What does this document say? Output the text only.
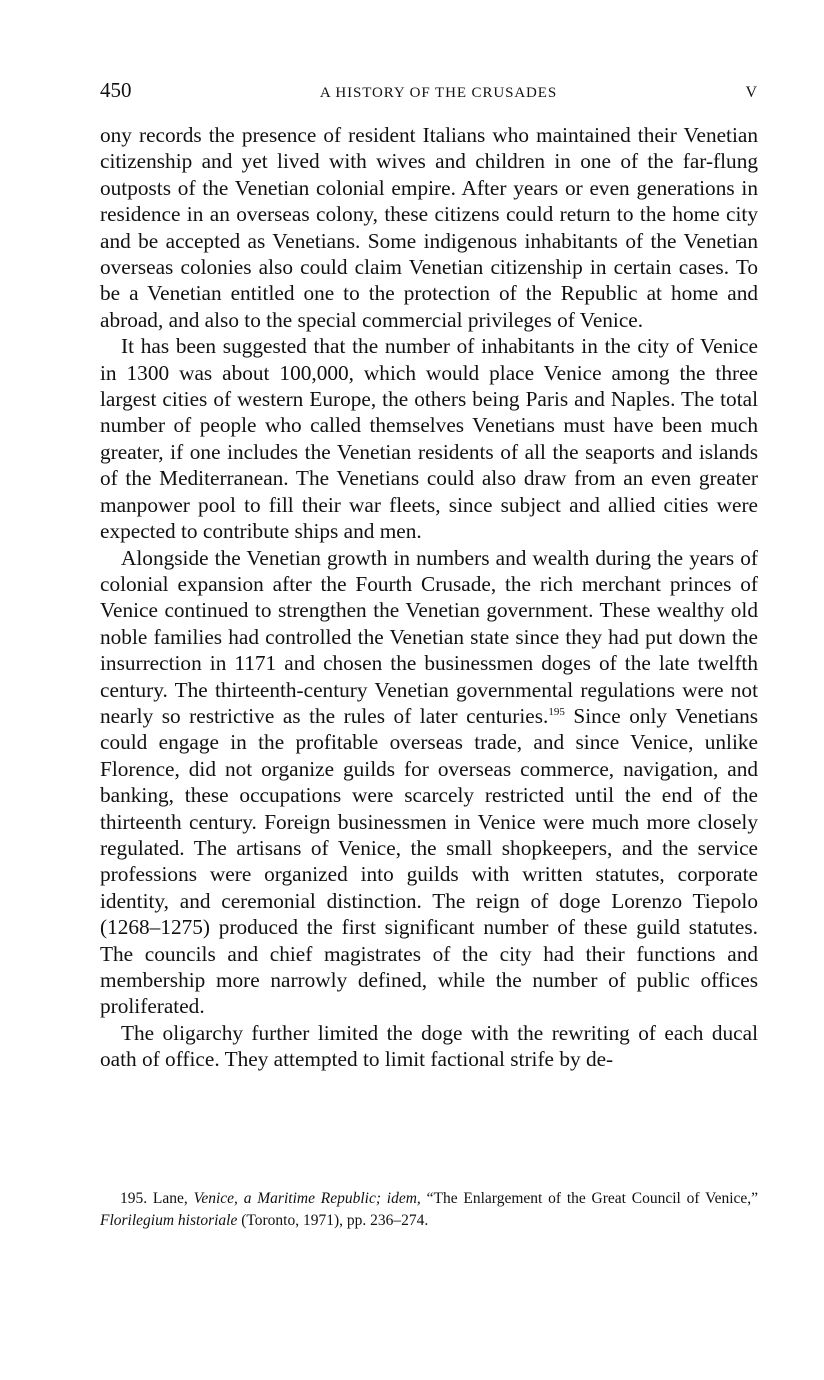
450	A HISTORY OF THE CRUSADES	V

ony records the presence of resident Italians who maintained their Venetian citizenship and yet lived with wives and children in one of the far-flung outposts of the Venetian colonial empire. After years or even generations in residence in an overseas colony, these citizens could return to the home city and be accepted as Venetians. Some indigenous inhabitants of the Venetian overseas colonies also could claim Venetian citizenship in certain cases. To be a Venetian entitled one to the protection of the Republic at home and abroad, and also to the special commercial privileges of Venice.

It has been suggested that the number of inhabitants in the city of Venice in 1300 was about 100,000, which would place Venice among the three largest cities of western Europe, the others being Paris and Naples. The total number of people who called themselves Venetians must have been much greater, if one includes the Venetian residents of all the seaports and islands of the Mediterranean. The Venetians could also draw from an even greater manpower pool to fill their war fleets, since subject and allied cities were expected to contribute ships and men.

Alongside the Venetian growth in numbers and wealth during the years of colonial expansion after the Fourth Crusade, the rich merchant princes of Venice continued to strengthen the Venetian government. These wealthy old noble families had controlled the Venetian state since they had put down the insurrection in 1171 and chosen the businessmen doges of the late twelfth century. The thirteenth-century Venetian governmental regulations were not nearly so restrictive as the rules of later centuries.$^{195}$ Since only Venetians could engage in the profitable overseas trade, and since Venice, unlike Florence, did not organize guilds for overseas commerce, navigation, and banking, these occupations were scarcely restricted until the end of the thirteenth century. Foreign businessmen in Venice were much more closely regulated. The artisans of Venice, the small shopkeepers, and the service professions were organized into guilds with written statutes, corporate identity, and ceremonial distinction. The reign of doge Lorenzo Tiepolo (1268–1275) produced the first significant number of these guild statutes. The councils and chief magistrates of the city had their functions and membership more narrowly defined, while the number of public offices proliferated.

The oligarchy further limited the doge with the rewriting of each ducal oath of office. They attempted to limit factional strife by de-

195. Lane, Venice, a Maritime Republic; idem, “The Enlargement of the Great Council of Venice,” Florilegium historiale (Toronto, 1971), pp. 236–274.
